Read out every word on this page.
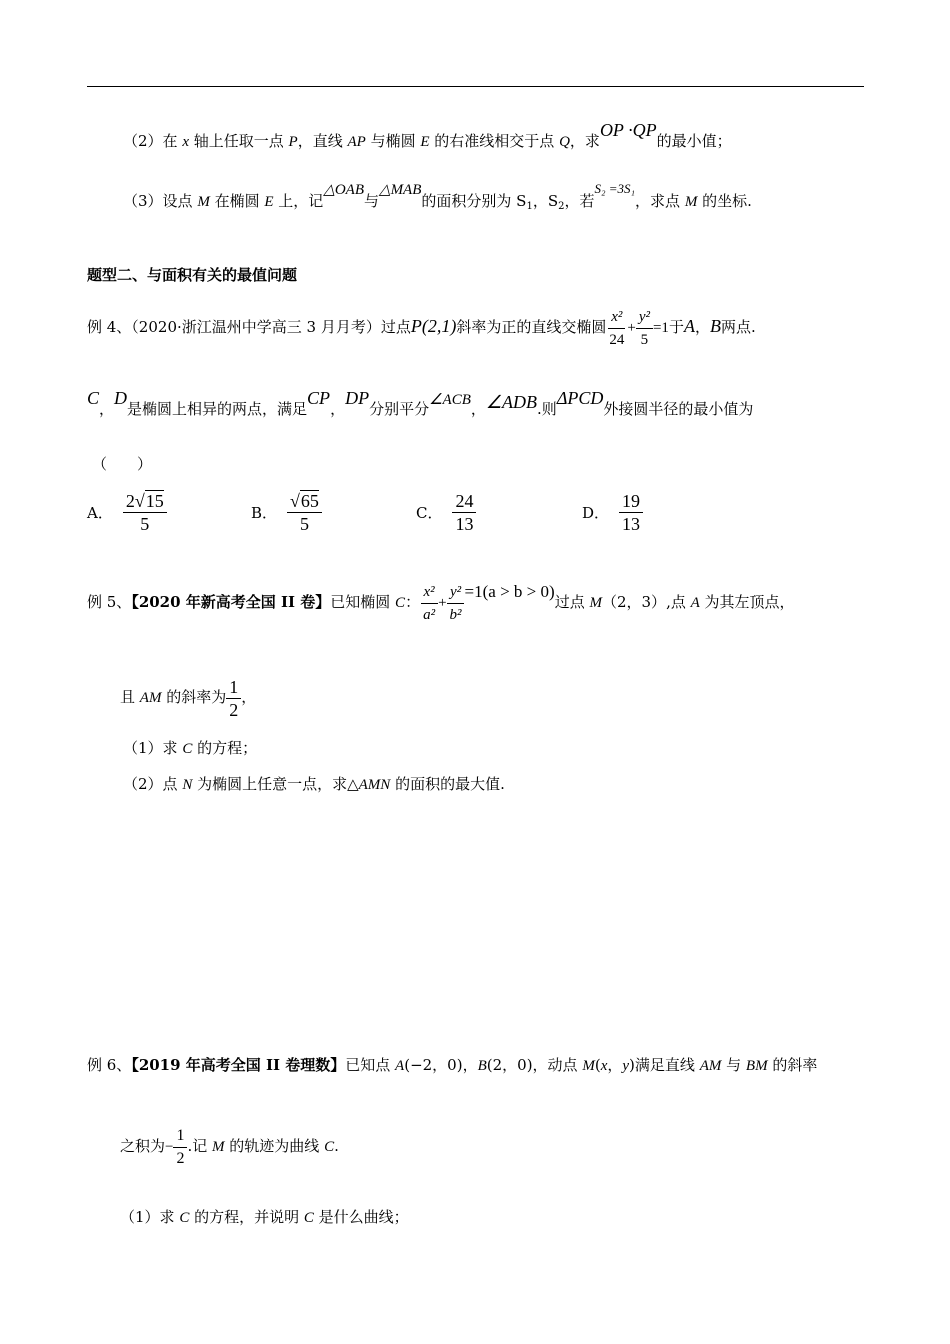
（2）在 x 轴上任取一点 P，直线 AP 与椭圆 E 的右准线相交于点 Q，求OP ·QP的最小值；
（3）设点 M 在椭圆 E 上，记△OAB与△MAB的面积分别为 $S_1$，$S_2$，若S₂ =3S₁，求点 M 的坐标.
题型二、与面积有关的最值问题
例 4、（2020·浙江温州中学高三 3 月月考）过点P(2,1)斜率为正的直线交椭圆 $\frac{\text{x²}}{24} + \frac{\text{y²}}{5} =1$于A，B两点.
C，D是椭圆上相异的两点，满足CP，DP分别平分∠ACB，∠ADB.则ΔPCD外接圆半径的最小值为
（　　）
A． $\frac{2√15}{5}$	B． $\frac{√65}{5}$	C． $\frac{24}{13}$	D． $\frac{19}{13}$
例 5、【2020 年新高考全国 II 卷】已知椭圆 C： $\frac{\text{x²}}{\text{a²}} + \frac{\text{y²}}{\text{b²}} =1(a > b > 0)$过点 M（2，3）,点 A 为其左顶点，
且 AM 的斜率为 $\frac{1}{2}$ ，
（1）求 C 的方程；
（2）点 N 为椭圆上任意一点，求△AMN 的面积的最大值.
例 6、【2019 年高考全国 II 卷理数】已知点 A(−2，0)，B(2，0)，动点 M(x，y)满足直线 AM 与 BM 的斜率
之积为− $\frac{1}{2}$ .记 M 的轨迹为曲线 C.
（1）求 C 的方程，并说明 C 是什么曲线；
